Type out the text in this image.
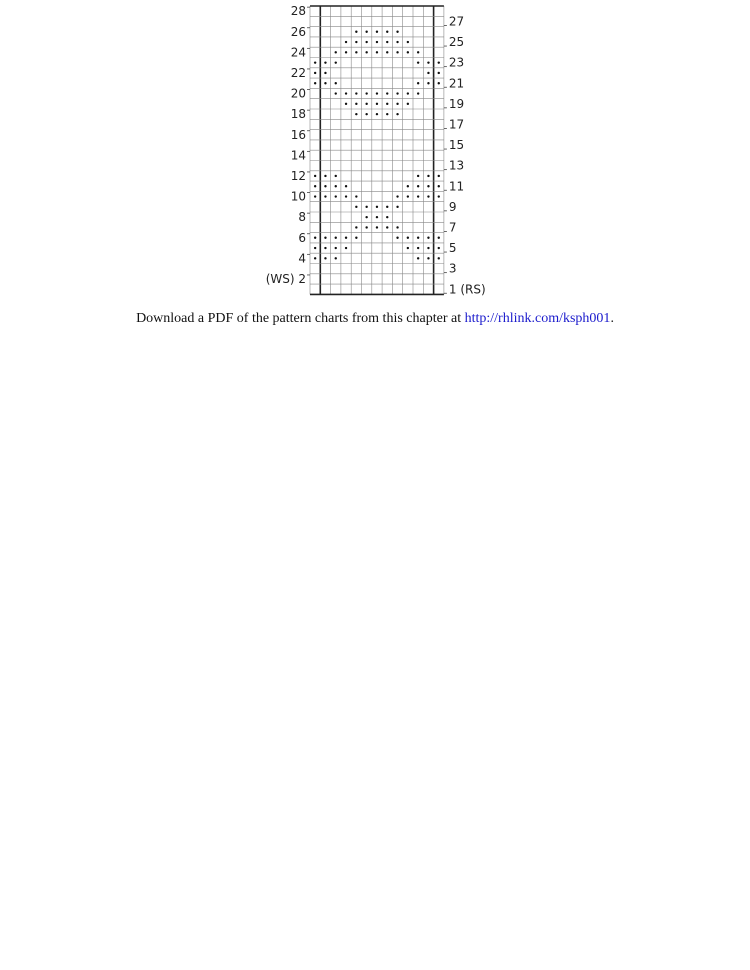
28
26
24
22
20
18
16
14
12
10
8
6
4
(WS) 2
27
25
23
21
19
17
15
13
11
9
7
5
3
1 (RS)

Download a PDF of the pattern charts from this chapter at http://rhlink.com/ksph001.
